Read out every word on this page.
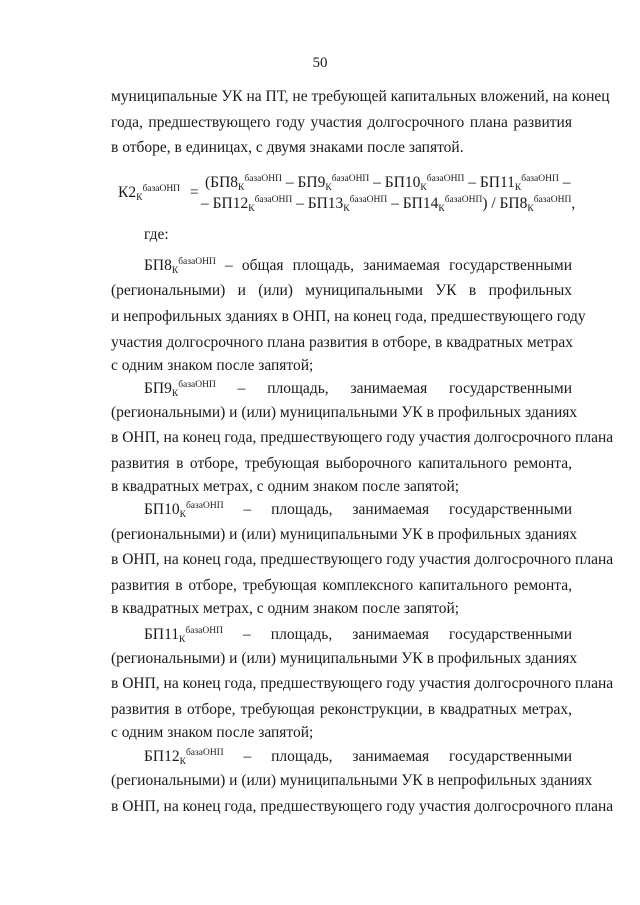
50
муниципальные УК на ПТ, не требующей капитальных вложений, на конец
года, предшествующего году участия долгосрочного плана развития
в отборе, в единицах, с двумя знаками после запятой.
$К2_К^{базаОНП}$ =
($БП8_К^{базаОНП} - БП9_К^{базаОНП} - БП10_К^{базаОНП} - БП11_К^{базаОНП}$ –
– $БП12_К^{базаОНП} - БП13_К^{базаОНП} - БП14_К^{базаОНП}) / БП8_К^{базаОНП}$,
где:
$БП8_К^{базаОНП}$ – общая площадь, занимаемая государственными
(региональными) и (или) муниципальными УК в профильных
и непрофильных зданиях в ОНП, на конец года, предшествующего году
участия долгосрочного плана развития в отборе, в квадратных метрах
с одним знаком после запятой;
$БП9_К^{базаОНП}$ – площадь, занимаемая государственными
(региональными) и (или) муниципальными УК в профильных зданиях
в ОНП, на конец года, предшествующего году участия долгосрочного плана
развития в отборе, требующая выборочного капитального ремонта,
в квадратных метрах, с одним знаком после запятой;
$БП10_К^{базаОНП}$ – площадь, занимаемая государственными
(региональными) и (или) муниципальными УК в профильных зданиях
в ОНП, на конец года, предшествующего году участия долгосрочного плана
развития в отборе, требующая комплексного капитального ремонта,
в квадратных метрах, с одним знаком после запятой;
$БП11_К^{базаОНП}$ – площадь, занимаемая государственными
(региональными) и (или) муниципальными УК в профильных зданиях
в ОНП, на конец года, предшествующего году участия долгосрочного плана
развития в отборе, требующая реконструкции, в квадратных метрах,
с одним знаком после запятой;
$БП12_К^{базаОНП}$ – площадь, занимаемая государственными
(региональными) и (или) муниципальными УК в непрофильных зданиях
в ОНП, на конец года, предшествующего году участия долгосрочного плана
